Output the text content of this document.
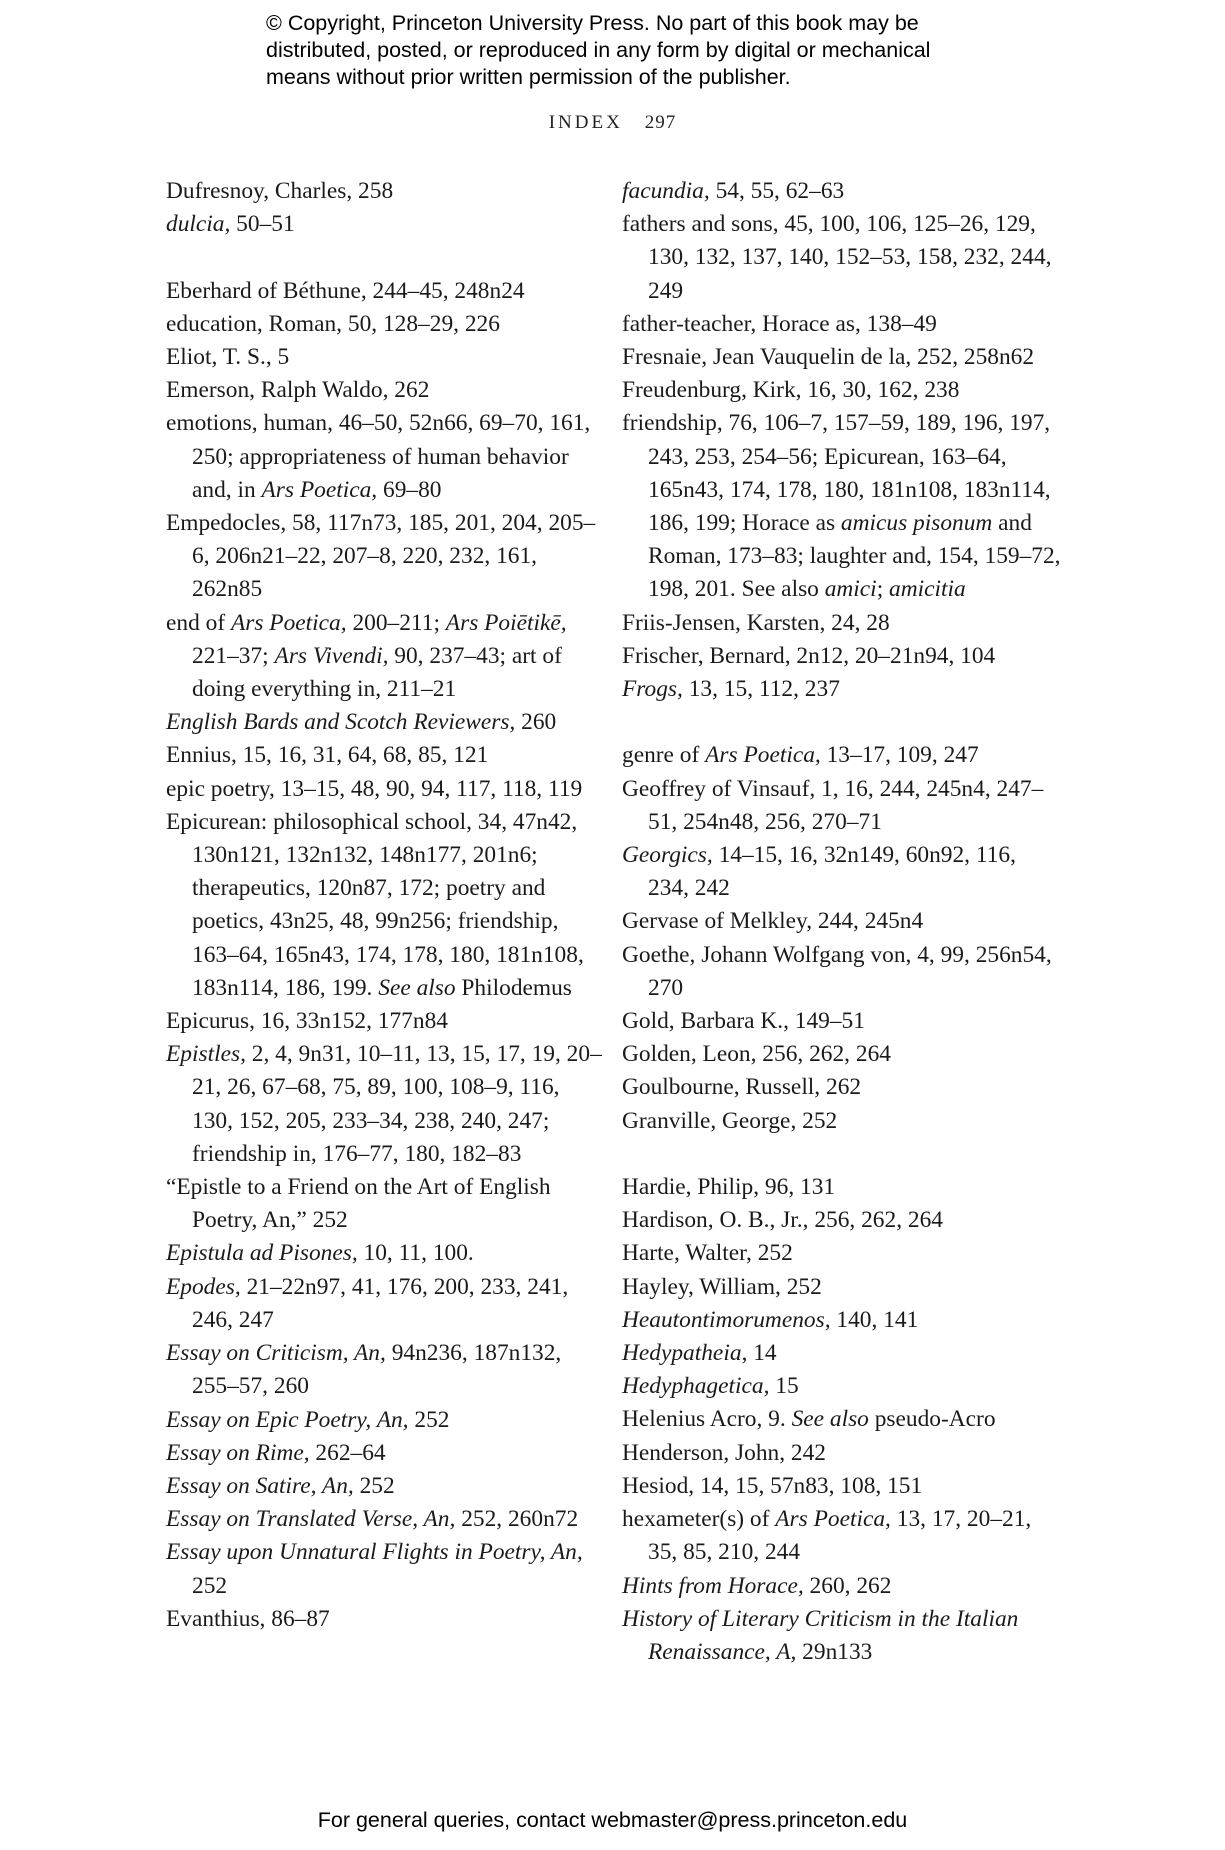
© Copyright, Princeton University Press. No part of this book may be
distributed, posted, or reproduced in any form by digital or mechanical
means without prior written permission of the publisher.
INDEX 297
Dufresnoy, Charles, 258
dulcia, 50–51
Eberhard of Béthune, 244–45, 248n24
education, Roman, 50, 128–29, 226
Eliot, T. S., 5
Emerson, Ralph Waldo, 262
emotions, human, 46–50, 52n66, 69–70, 161, 250; appropriateness of human behavior and, in Ars Poetica, 69–80
Empedocles, 58, 117n73, 185, 201, 204, 205–6, 206n21–22, 207–8, 220, 232, 161, 262n85
end of Ars Poetica, 200–211; Ars Poiētikē, 221–37; Ars Vivendi, 90, 237–43; art of doing everything in, 211–21
English Bards and Scotch Reviewers, 260
Ennius, 15, 16, 31, 64, 68, 85, 121
epic poetry, 13–15, 48, 90, 94, 117, 118, 119
Epicurean: philosophical school, 34, 47n42, 130n121, 132n132, 148n177, 201n6; therapeutics, 120n87, 172; poetry and poetics, 43n25, 48, 99n256; friendship, 163–64, 165n43, 174, 178, 180, 181n108, 183n114, 186, 199. See also Philodemus
Epicurus, 16, 33n152, 177n84
Epistles, 2, 4, 9n31, 10–11, 13, 15, 17, 19, 20–21, 26, 67–68, 75, 89, 100, 108–9, 116, 130, 152, 205, 233–34, 238, 240, 247; friendship in, 176–77, 180, 182–83
“Epistle to a Friend on the Art of English Poetry, An,” 252
Epistula ad Pisones, 10, 11, 100.
Epodes, 21–22n97, 41, 176, 200, 233, 241, 246, 247
Essay on Criticism, An, 94n236, 187n132, 255–57, 260
Essay on Epic Poetry, An, 252
Essay on Rime, 262–64
Essay on Satire, An, 252
Essay on Translated Verse, An, 252, 260n72
Essay upon Unnatural Flights in Poetry, An, 252
Evanthius, 86–87
facundia, 54, 55, 62–63
fathers and sons, 45, 100, 106, 125–26, 129, 130, 132, 137, 140, 152–53, 158, 232, 244, 249
father-teacher, Horace as, 138–49
Fresnaie, Jean Vauquelin de la, 252, 258n62
Freudenburg, Kirk, 16, 30, 162, 238
friendship, 76, 106–7, 157–59, 189, 196, 197, 243, 253, 254–56; Epicurean, 163–64, 165n43, 174, 178, 180, 181n108, 183n114, 186, 199; Horace as amicus pisonum and Roman, 173–83; laughter and, 154, 159–72, 198, 201. See also amici; amicitia
Friis-Jensen, Karsten, 24, 28
Frischer, Bernard, 2n12, 20–21n94, 104
Frogs, 13, 15, 112, 237
genre of Ars Poetica, 13–17, 109, 247
Geoffrey of Vinsauf, 1, 16, 244, 245n4, 247–51, 254n48, 256, 270–71
Georgics, 14–15, 16, 32n149, 60n92, 116, 234, 242
Gervase of Melkley, 244, 245n4
Goethe, Johann Wolfgang von, 4, 99, 256n54, 270
Gold, Barbara K., 149–51
Golden, Leon, 256, 262, 264
Goulbourne, Russell, 262
Granville, George, 252
Hardie, Philip, 96, 131
Hardison, O. B., Jr., 256, 262, 264
Harte, Walter, 252
Hayley, William, 252
Heautontimorumenos, 140, 141
Hedypatheia, 14
Hedyphagetica, 15
Helenius Acro, 9. See also pseudo-Acro
Henderson, John, 242
Hesiod, 14, 15, 57n83, 108, 151
hexameter(s) of Ars Poetica, 13, 17, 20–21, 35, 85, 210, 244
Hints from Horace, 260, 262
History of Literary Criticism in the Italian Renaissance, A, 29n133
For general queries, contact webmaster@press.princeton.edu
